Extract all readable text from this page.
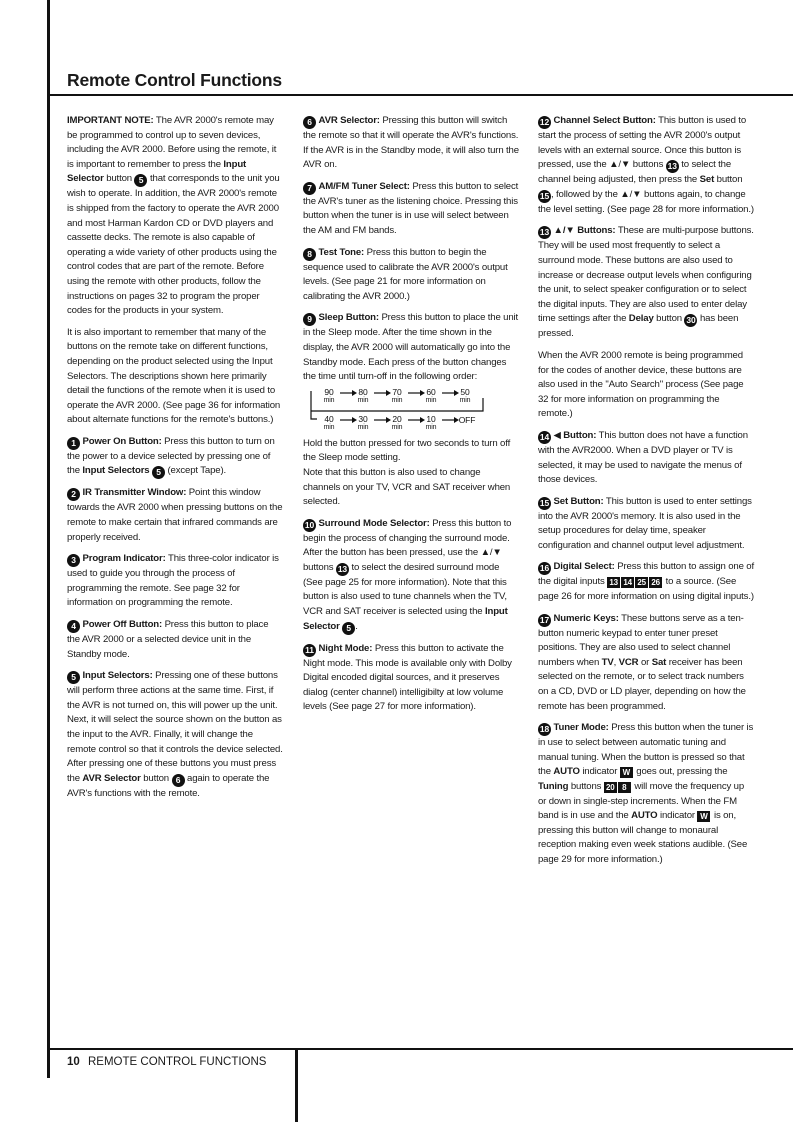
Remote Control Functions

IMPORTANT NOTE: The AVR 2000's remote may be programmed to control up to seven devices, including the AVR 2000. Before using the remote, it is important to remember to press the Input Selector button 5 that corresponds to the unit you wish to operate. In addition, the AVR 2000's remote is shipped from the factory to operate the AVR 2000 and most Harman Kardon CD or DVD players and cassette decks. The remote is also capable of operating a wide variety of other products using the control codes that are part of the remote. Before using the remote with other products, follow the instructions on pages 32 to program the proper codes for the products in your system.

It is also important to remember that many of the buttons on the remote take on different functions, depending on the product selected using the Input Selectors. The descriptions shown here primarily detail the functions of the remote when it is used to operate the AVR 2000. (See page 36 for information about alternate functions for the remote's buttons.)

1 Power On Button: Press this button to turn on the power to a device selected by pressing one of the Input Selectors 5 (except Tape).

2 IR Transmitter Window: Point this window towards the AVR 2000 when pressing buttons on the remote to make certain that infrared commands are properly received.

3 Program Indicator: This three-color indicator is used to guide you through the process of programming the remote. See page 32 for information on programming the remote.

4 Power Off Button: Press this button to place the AVR 2000 or a selected device unit in the Standby mode.

5 Input Selectors: Pressing one of these buttons will perform three actions at the same time. First, if the AVR is not turned on, this will power up the unit. Next, it will select the source shown on the button as the input to the AVR. Finally, it will change the remote control so that it controls the device selected. After pressing one of these buttons you must press the AVR Selector button 6 again to operate the AVR's functions with the remote.

6 AVR Selector: Pressing this button will switch the remote so that it will operate the AVR's functions. If the AVR is in the Standby mode, it will also turn the AVR on.

7 AM/FM Tuner Select: Press this button to select the AVR's tuner as the listening choice. Pressing this button when the tuner is in use will select between the AM and FM bands.

8 Test Tone: Press this button to begin the sequence used to calibrate the AVR 2000's output levels. (See page 21 for more information on calibrating the AVR 2000.)

9 Sleep Button: Press this button to place the unit in the Sleep mode. After the time shown in the display, the AVR 2000 will automatically go into the Standby mode. Each press of the button changes the time until turn-off in the following order:

90
min
80
min
70
min
60
min
50
min
40
min
30
min
20
min
10
min
OFF

Hold the button pressed for two seconds to turn off the Sleep mode setting.

Note that this button is also used to change channels on your TV, VCR and SAT receiver when selected.

10 Surround Mode Selector: Press this button to begin the process of changing the surround mode. After the button has been pressed, use the ▲/▼ buttons 13 to select the desired surround mode (See page 25 for more information). Note that this button is also used to tune channels when the TV, VCR and SAT receiver is selected using the Input Selector 5 .

11 Night Mode: Press this button to activate the Night mode. This mode is available only with Dolby Digital encoded digital sources, and it preserves dialog (center channel) intelligibilty at low volume levels (See page 27 for more information).

12 Channel Select Button: This button is used to start the process of setting the AVR 2000's output levels with an external source. Once this button is pressed, use the ▲/▼ buttons 13 to select the channel being adjusted, then press the Set button 15 , followed by the ▲/▼ buttons again, to change the level setting. (See page 28 for more information.)

13 ▲/▼ Buttons: These are multi-purpose buttons. They will be used most frequently to select a surround mode. These buttons are also used to increase or decrease output levels when configuring the unit, to select speaker configuration or to select the digital inputs. They are also used to enter delay time settings after the Delay button 30 has been pressed.

When the AVR 2000 remote is being programmed for the codes of another device, these buttons are also used in the "Auto Search" process (See page 32 for more information on programming the remote.)

14 ◀ Button: This button does not have a function with the AVR2000. When a DVD player or TV is selected, it may be used to navigate the menus of those devices.

15 Set Button: This button is used to enter settings into the AVR 2000's memory. It is also used in the setup procedures for delay time, speaker configuration and channel output level adjustment.

16 Digital Select: Press this button to assign one of the digital inputs 13 14 25 26 to a source. (See page 26 for more information on using digital inputs.)

17 Numeric Keys: These buttons serve as a ten-button numeric keypad to enter tuner preset positions. They are also used to select channel numbers when TV, VCR or Sat receiver has been selected on the remote, or to select track numbers on a CD, DVD or LD player, depending on how the remote has been programmed.

18 Tuner Mode: Press this button when the tuner is in use to select between automatic tuning and manual tuning. When the button is pressed so that the AUTO indicator W goes out, pressing the Tuning buttons 20 8 will move the frequency up or down in single-step increments. When the FM band is in use and the AUTO indicator W is on, pressing this button will change to monaural reception making even week stations audible. (See page 29 for more information.)

10 REMOTE CONTROL FUNCTIONS
